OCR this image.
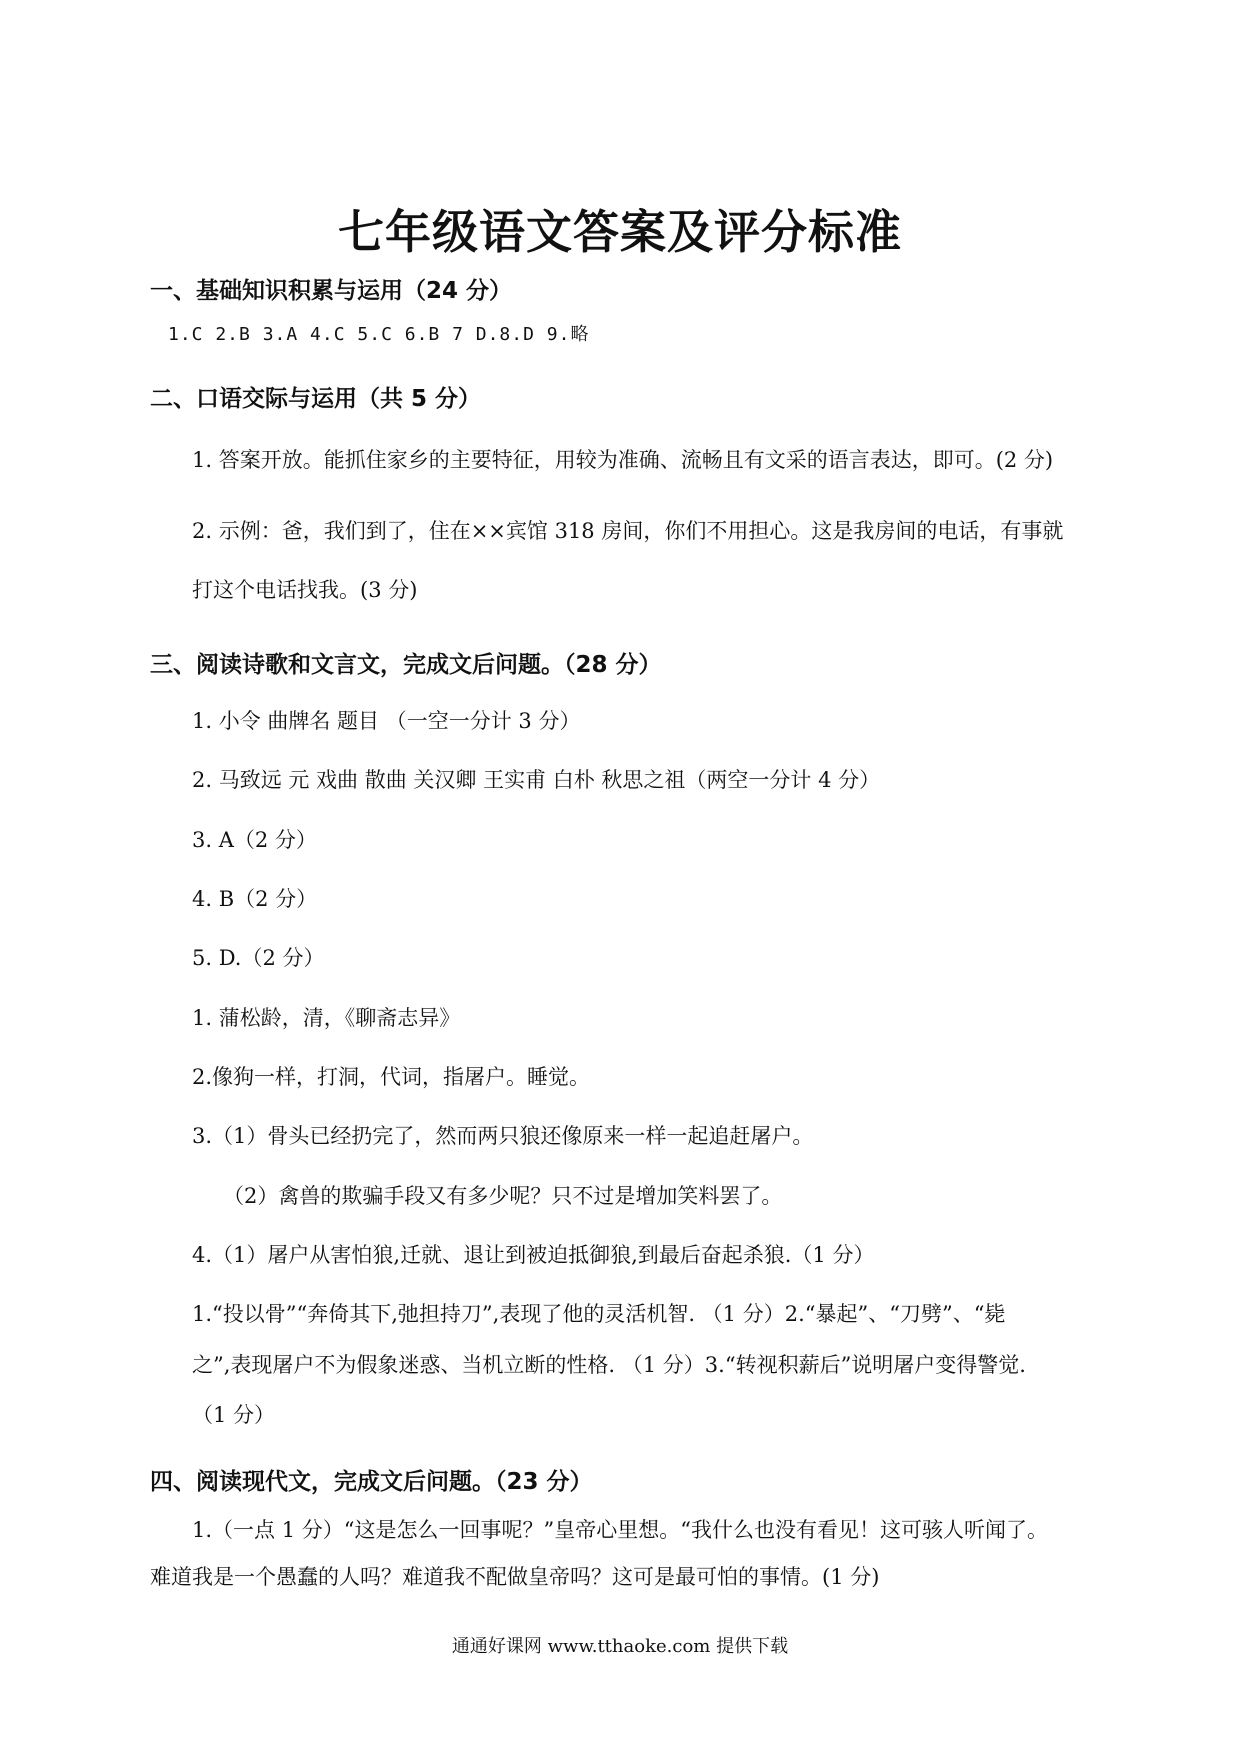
七年级语文答案及评分标准
一、基础知识积累与运用（24 分）
1.C 2.B 3.A 4.C 5.C 6.B 7 D.8.D 9.略
二、口语交际与运用（共 5 分）
1. 答案开放。能抓住家乡的主要特征，用较为准确、流畅且有文采的语言表达，即可。(2 分)
2. 示例：爸，我们到了，住在××宾馆 318 房间，你们不用担心。这是我房间的电话，有事就
打这个电话找我。(3 分)
三、阅读诗歌和文言文，完成文后问题。（28 分）
1. 小令 曲牌名 题目 （一空一分计 3 分）
2. 马致远 元 戏曲 散曲 关汉卿 王实甫 白朴 秋思之祖（两空一分计 4 分）
3. A（2 分）
4. B（2 分）
5. D.（2 分）
1. 蒲松龄，清，《聊斋志异》
2.像狗一样，打洞，代词，指屠户。睡觉。
3.（1）骨头已经扔完了，然而两只狼还像原来一样一起追赶屠户。
（2）禽兽的欺骗手段又有多少呢？只不过是增加笑料罢了。
4.（1）屠户从害怕狼,迁就、退让到被迫抵御狼,到最后奋起杀狼.（1 分）
1.“投以骨”“奔倚其下,弛担持刀”,表现了他的灵活机智. （1 分）2.“暴起”、“刀劈”、“毙
之”,表现屠户不为假象迷惑、当机立断的性格. （1 分）3.“转视积薪后”说明屠户变得警觉.
（1 分）
四、阅读现代文，完成文后问题。（23 分）
1.（一点 1 分）“这是怎么一回事呢？”皇帝心里想。“我什么也没有看见！这可骇人听闻了。
难道我是一个愚蠢的人吗？难道我不配做皇帝吗？这可是最可怕的事情。(1 分)
通通好课网 www.tthaoke.com 提供下载
